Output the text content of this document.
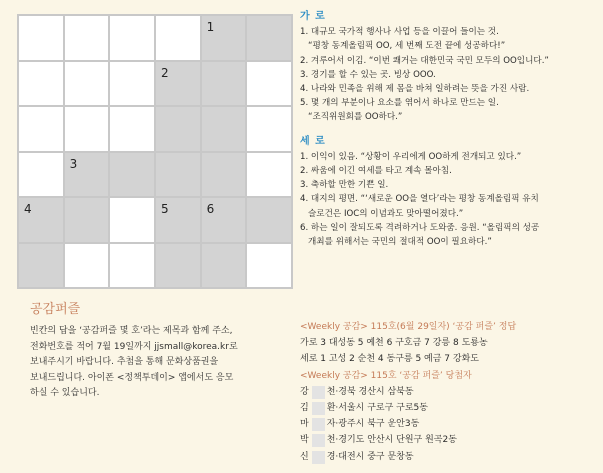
1
2
3
4	5	6
가 로
1. 대규모 국가적 행사나 사업 등을 이끌어 들이는 것.
“평창 동계올림픽 OO, 세 번째 도전 끝에 성공하다!”
2. 겨루어서 이김. “이번 쾌거는 대한민국 국민 모두의 OO입니다.”
3. 경기를 할 수 있는 곳. 빙상 OOO.
4. 나라와 민족을 위해 제 몸을 바쳐 일하려는 뜻을 가진 사람.
5. 몇 개의 부분이나 요소를 엮어서 하나로 만드는 일.
“조직위원회를 OO하다.”
세 로
1. 이익이 있음. “상황이 우리에게 OO하게 전개되고 있다.”
2. 싸움에 이긴 여세를 타고 계속 몰아침.
3. 축하할 만한 기쁜 일.
4. 대지의 평면. “‘새로운 OO을 열다’라는 평창 동계올림픽 유치
슬로건은 IOC의 이념과도 맞아떨어졌다.”
6. 하는 일이 잘되도록 격려하거나 도와줌. 응원. “올림픽의 성공
개최를 위해서는 국민의 절대적 OO이 필요하다.”
공감퍼즐
빈칸의 답을 ‘공감퍼즐 몇 호’라는 제목과 함께 주소,
전화번호를 적어 7월 19일까지 jjsmall@korea.kr로
보내주시기 바랍니다. 추첨을 통해 문화상품권을
보내드립니다. 아이폰 <정책투데이> 앱에서도 응모
하실 수 있습니다.
<Weekly 공감> 115호(6월 29일자) ‘공감 퍼즐’ 정답
가로 3 대성동 5 예천 6 구호금 7 강릉 8 도룡농
세로 1 고성 2 순천 4 동구릉 5 예금 7 강화도
<Weekly 공감> 115호 ‘공감 퍼즐’ 당첨자
강 천·경북 경산시 삼북동
김 환·서울시 구로구 구로5동
마 자·광주시 북구 운안3동
박 천·경기도 안산시 단원구 원곡2동
신 경·대전시 중구 문창동
